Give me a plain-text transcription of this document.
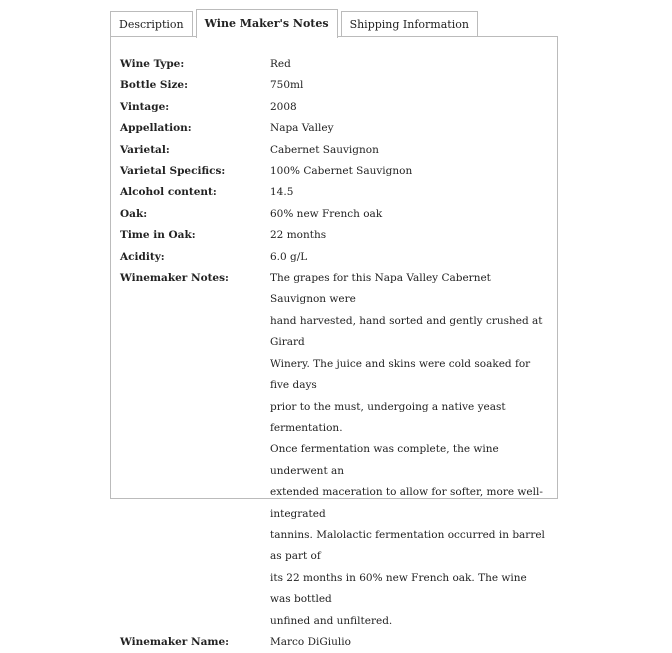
Description	Wine Maker's Notes	Shipping Information
Wine Type:	Red
Bottle Size:	750ml
Vintage:	2008
Appellation:	Napa Valley
Varietal:	Cabernet Sauvignon
Varietal Specifics:	100% Cabernet Sauvignon
Alcohol content:	14.5
Oak:	60% new French oak
Time in Oak:	22 months
Acidity:	6.0 g/L
Winemaker Notes:	The grapes for this Napa Valley Cabernet Sauvignon were
hand harvested, hand sorted and gently crushed at Girard
Winery. The juice and skins were cold soaked for five days
prior to the must, undergoing a native yeast fermentation.
Once fermentation was complete, the wine underwent an
extended maceration to allow for softer, more well-integrated
tannins. Malolactic fermentation occurred in barrel as part of
its 22 months in 60% new French oak. The wine was bottled
unfined and unfiltered.
Winemaker Name:	Marco DiGiulio
